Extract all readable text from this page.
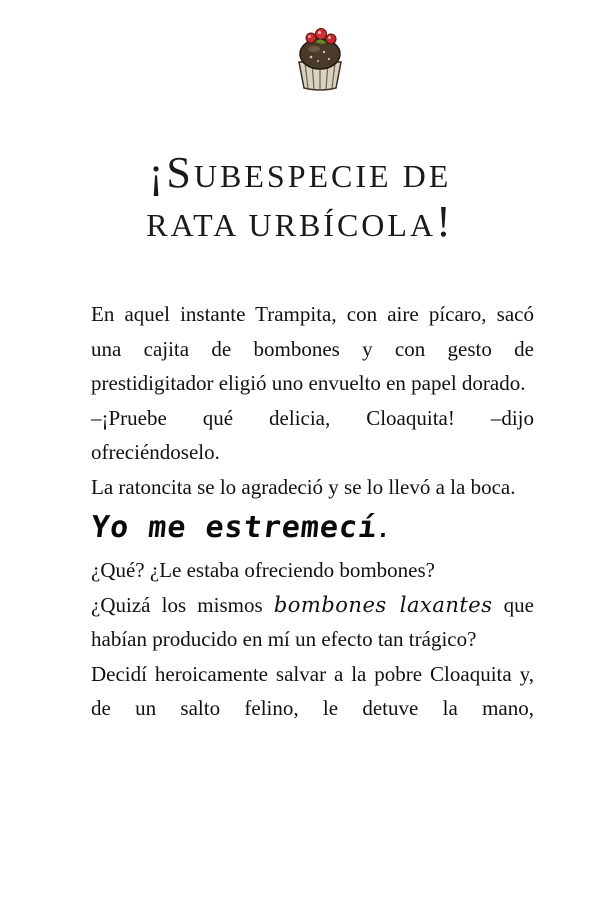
¡SUBESPECIE DE
RATA URBÍCOLA!

En aquel instante Trampita, con aire pícaro, sacó una cajita de bombones y con gesto de prestidigitador eligió uno envuelto en papel dorado.

–¡Pruebe qué delicia, Cloaquita! –dijo ofreciéndoselo.

La ratoncita se lo agradeció y se lo llevó a la boca.

Yo me estremecí.

¿Qué? ¿Le estaba ofreciendo bombones?

¿Quizá los mismos bombones laxantes que habían producido en mí un efecto tan trágico?

Decidí heroicamente salvar a la pobre Cloaquita y, de un salto felino, le detuve la mano,
